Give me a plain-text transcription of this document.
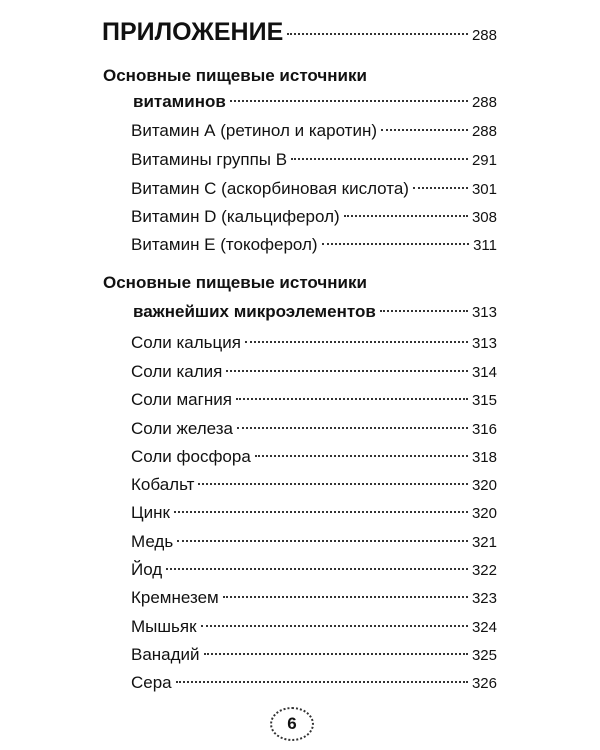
ПРИЛОЖЕНИЕ	288
Основные пищевые источники
витаминов	288
Витамин А (ретинол и каротин)	288
Витамины группы В	291
Витамин С (аскорбиновая кислота)	301
Витамин D (кальциферол)	308
Витамин Е (токоферол)	311
Основные пищевые источники
важнейших микроэлементов	313
Соли кальция	313
Соли калия	314
Соли магния	315
Соли железа	316
Соли фосфора	318
Кобальт	320
Цинк	320
Медь	321
Йод	322
Кремнезем	323
Мышьяк	324
Ванадий	325
Сера	326
6
